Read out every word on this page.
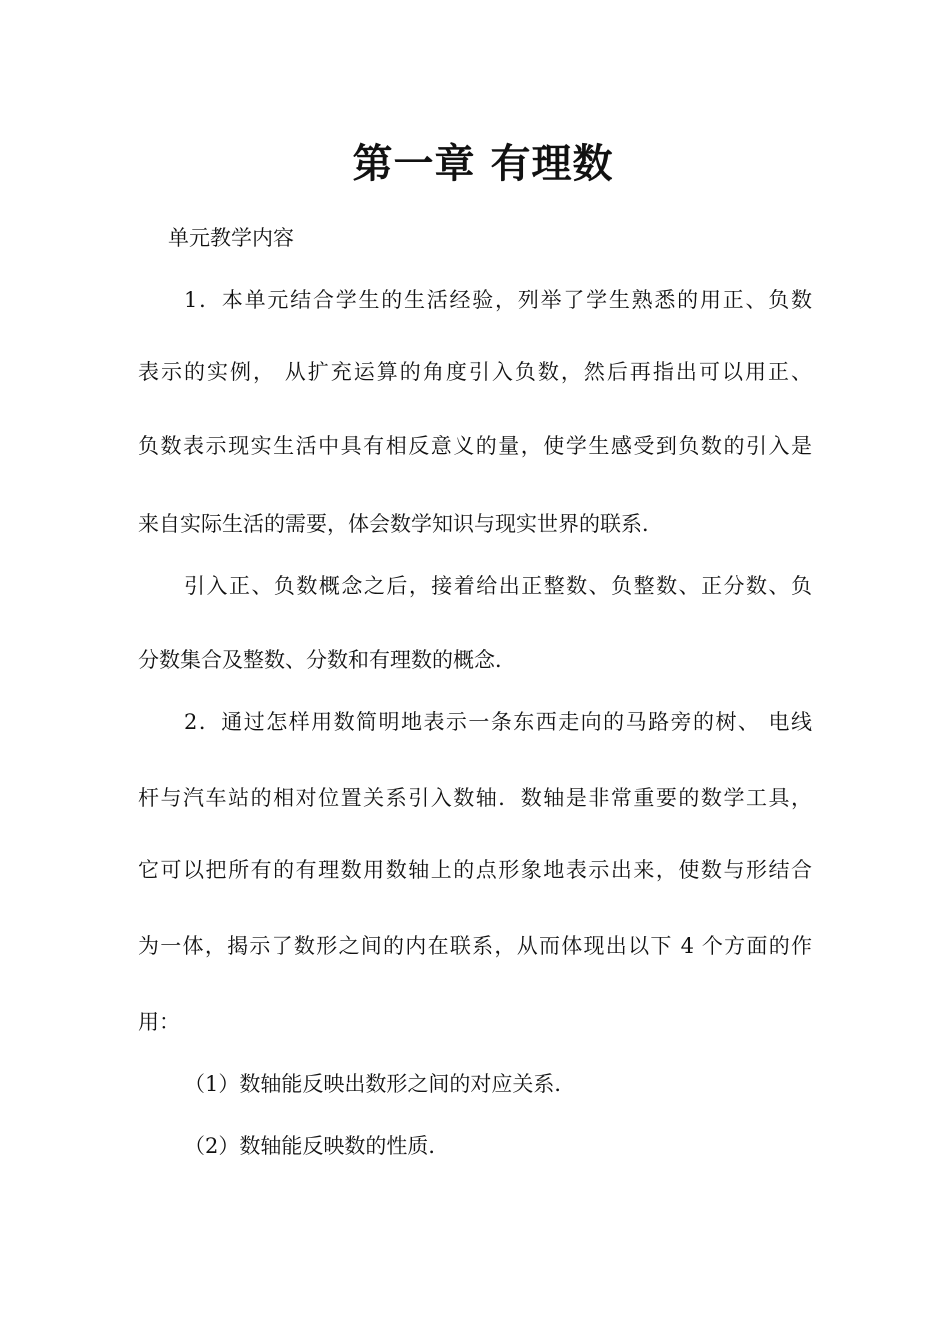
第一章 有理数

单元教学内容

1．本单元结合学生的生活经验，列举了学生熟悉的用正、负数

表示的实例， 从扩充运算的角度引入负数，然后再指出可以用正、

负数表示现实生活中具有相反意义的量，使学生感受到负数的引入是

来自实际生活的需要，体会数学知识与现实世界的联系．

引入正、负数概念之后，接着给出正整数、负整数、正分数、负

分数集合及整数、分数和有理数的概念．

2．通过怎样用数简明地表示一条东西走向的马路旁的树、 电线

杆与汽车站的相对位置关系引入数轴．数轴是非常重要的数学工具，

它可以把所有的有理数用数轴上的点形象地表示出来，使数与形结合

为一体，揭示了数形之间的内在联系，从而体现出以下 4 个方面的作

用：

（1）数轴能反映出数形之间的对应关系．

（2）数轴能反映数的性质．
